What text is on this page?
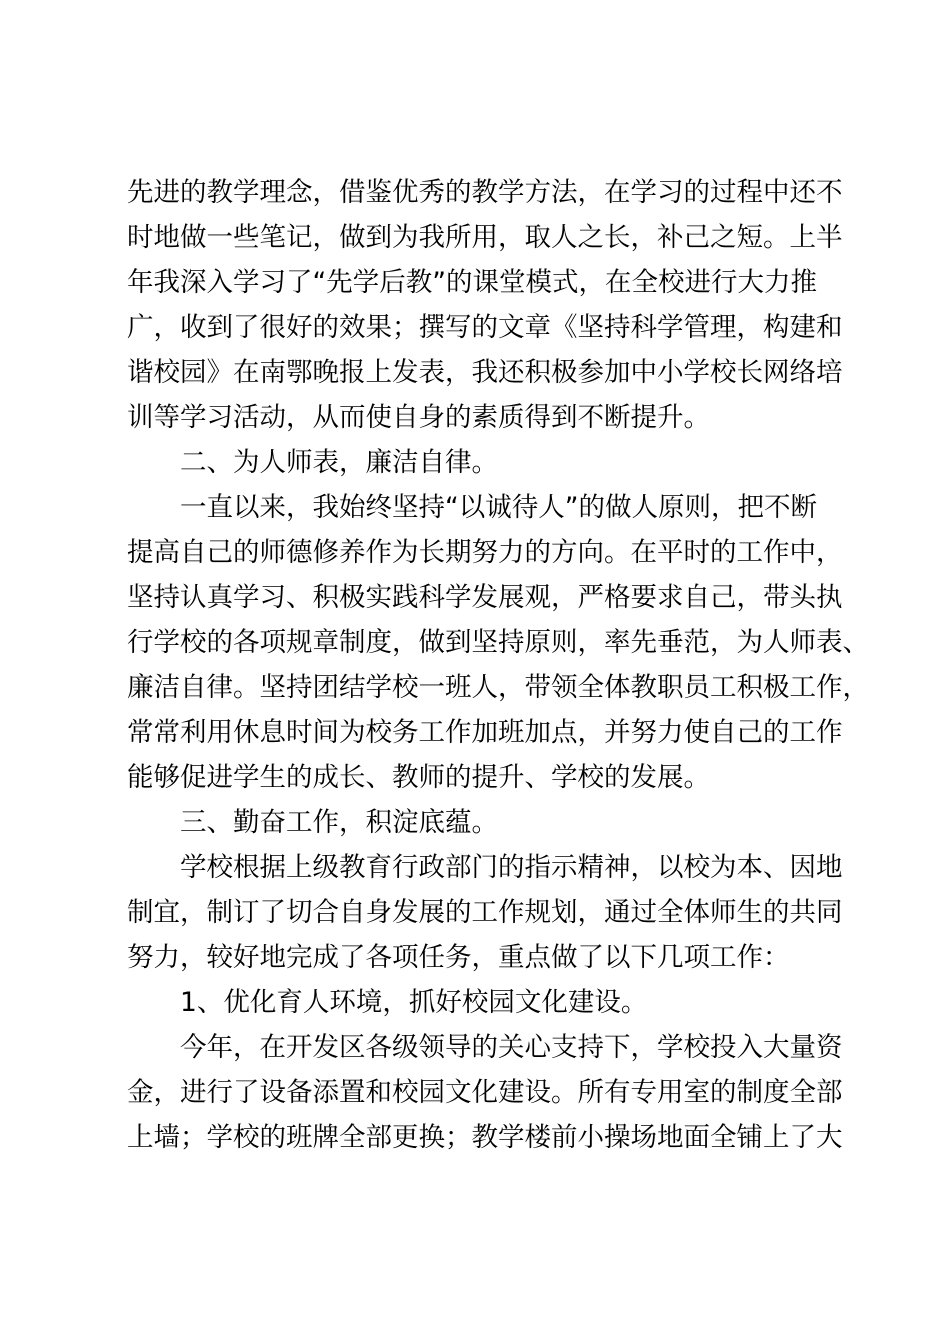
先进的教学理念，借鉴优秀的教学方法，在学习的过程中还不
时地做一些笔记，做到为我所用，取人之长，补己之短。上半
年我深入学习了“先学后教”的课堂模式，在全校进行大力推
广，收到了很好的效果；撰写的文章《坚持科学管理，构建和
谐校园》在南鄂晚报上发表，我还积极参加中小学校长网络培
训等学习活动，从而使自身的素质得到不断提升。
二、为人师表，廉洁自律。
一直以来，我始终坚持“以诚待人”的做人原则，把不断
提高自己的师德修养作为长期努力的方向。在平时的工作中，
坚持认真学习、积极实践科学发展观，严格要求自己，带头执
行学校的各项规章制度，做到坚持原则，率先垂范，为人师表、
廉洁自律。坚持团结学校一班人，带领全体教职员工积极工作，
常常利用休息时间为校务工作加班加点，并努力使自己的工作
能够促进学生的成长、教师的提升、学校的发展。
三、勤奋工作，积淀底蕴。
学校根据上级教育行政部门的指示精神，以校为本、因地
制宜，制订了切合自身发展的工作规划，通过全体师生的共同
努力，较好地完成了各项任务，重点做了以下几项工作：
1、优化育人环境，抓好校园文化建设。
今年，在开发区各级领导的关心支持下，学校投入大量资
金，进行了设备添置和校园文化建设。所有专用室的制度全部
上墙；学校的班牌全部更换；教学楼前小操场地面全铺上了大
